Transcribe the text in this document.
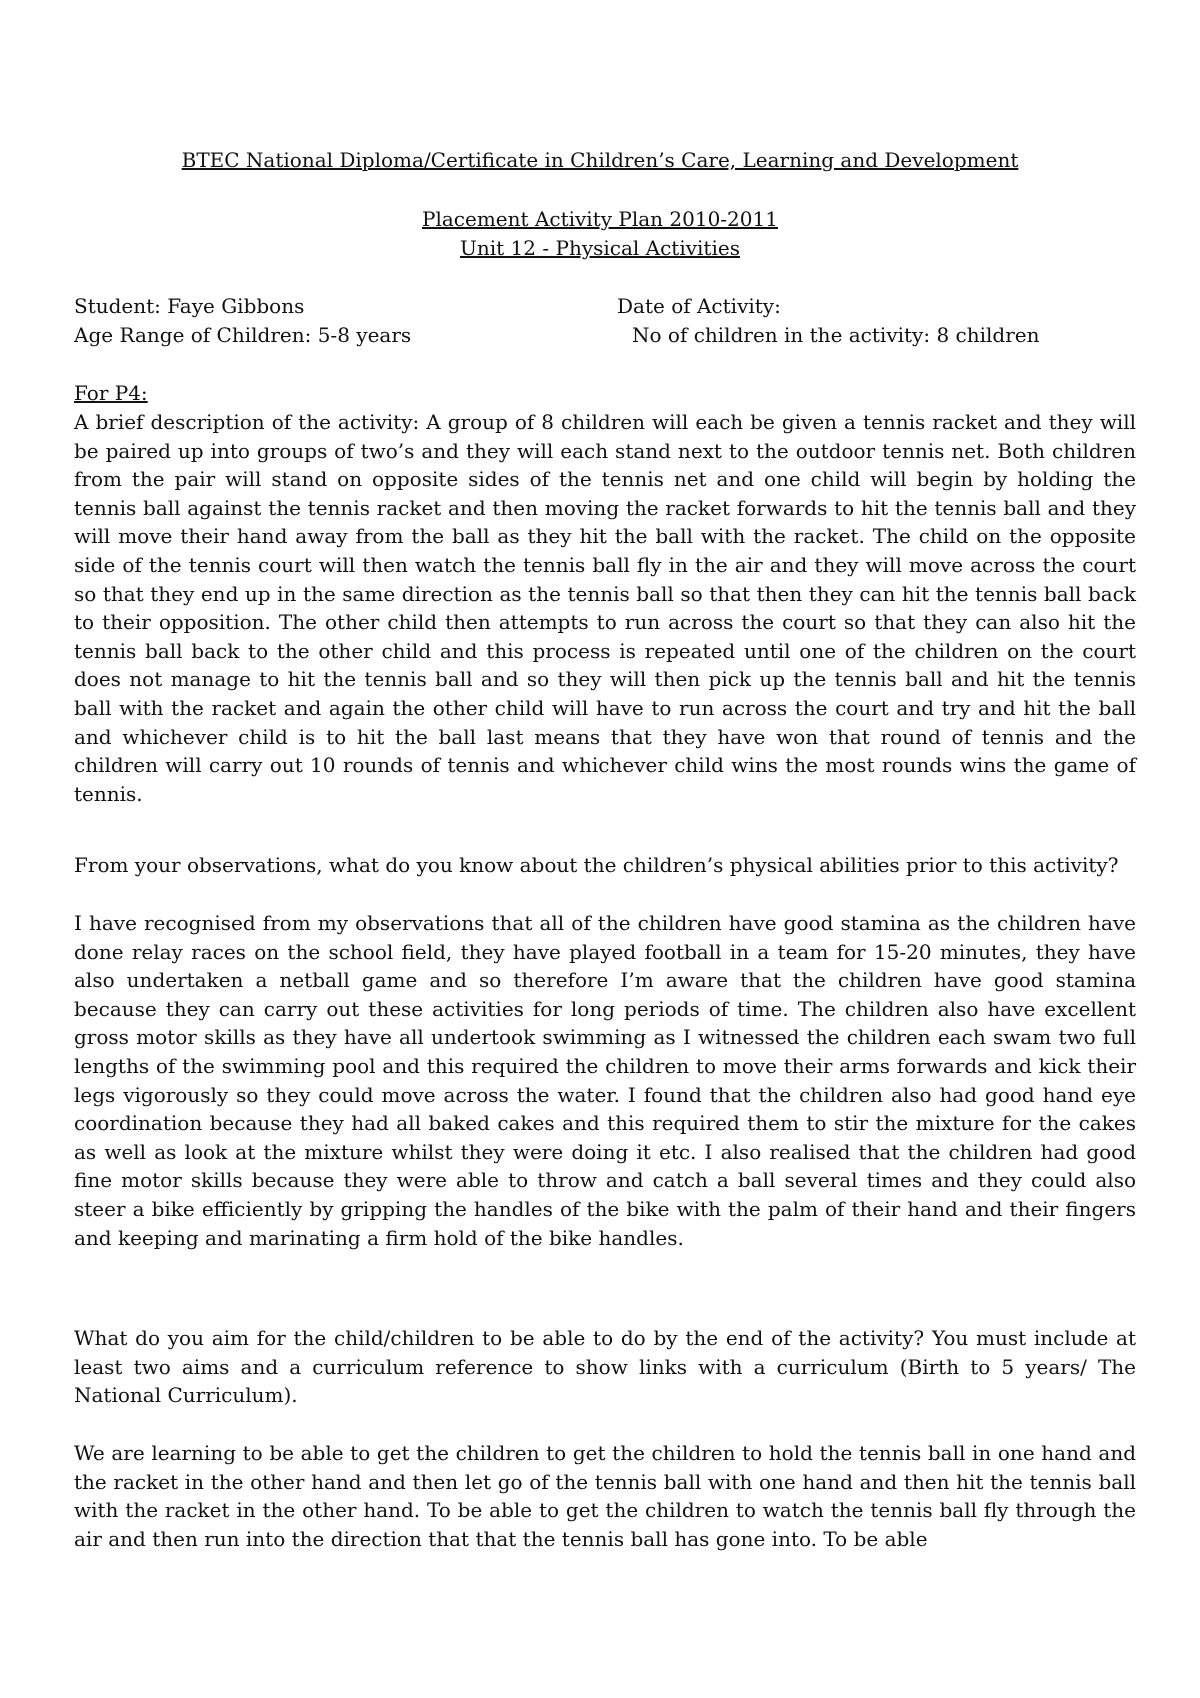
BTEC National Diploma/Certificate in Children’s Care, Learning and Development
Placement Activity Plan 2010-2011
Unit 12 - Physical Activities
Student: Faye Gibbons	Date of Activity:
Age Range of Children: 5-8 years	No of children in the activity: 8 children

For P4:

A brief description of the activity: A group of 8 children will each be given a tennis racket and they will be paired up into groups of two’s and they will each stand next to the outdoor tennis net. Both children from the pair will stand on opposite sides of the tennis net and one child will begin by holding the tennis ball against the tennis racket and then moving the racket forwards to hit the tennis ball and they will move their hand away from the ball as they hit the ball with the racket. The child on the opposite side of the tennis court will then watch the tennis ball fly in the air and they will move across the court so that they end up in the same direction as the tennis ball so that then they can hit the tennis ball back to their opposition. The other child then attempts to run across the court so that they can also hit the tennis ball back to the other child and this process is repeated until one of the children on the court does not manage to hit the tennis ball and so they will then pick up the tennis ball and hit the tennis ball with the racket and again the other child will have to run across the court and try and hit the ball and whichever child is to hit the ball last means that they have won that round of tennis and the children will carry out 10 rounds of tennis and whichever child wins the most rounds wins the game of tennis.

From your observations, what do you know about the children’s physical abilities prior to this activity?

I have recognised from my observations that all of the children have good stamina as the children have done relay races on the school field, they have played football in a team for 15-20 minutes, they have also undertaken a netball game and so therefore I’m aware that the children have good stamina because they can carry out these activities for long periods of time. The children also have excellent gross motor skills as they have all undertook swimming as I witnessed the children each swam two full lengths of the swimming pool and this required the children to move their arms forwards and kick their legs vigorously so they could move across the water. I found that the children also had good hand eye coordination because they had all baked cakes and this required them to stir the mixture for the cakes as well as look at the mixture whilst they were doing it etc. I also realised that the children had good fine motor skills because they were able to throw and catch a ball several times and they could also steer a bike efficiently by gripping the handles of the bike with the palm of their hand and their fingers and keeping and marinating a firm hold of the bike handles.

What do you aim for the child/children to be able to do by the end of the activity? You must include at least two aims and a curriculum reference to show links with a curriculum (Birth to 5 years/ The National Curriculum).

We are learning to be able to get the children to get the children to hold the tennis ball in one hand and the racket in the other hand and then let go of the tennis ball with one hand and then hit the tennis ball with the racket in the other hand. To be able to get the children to watch the tennis ball fly through the air and then run into the direction that that the tennis ball has gone into. To be able
